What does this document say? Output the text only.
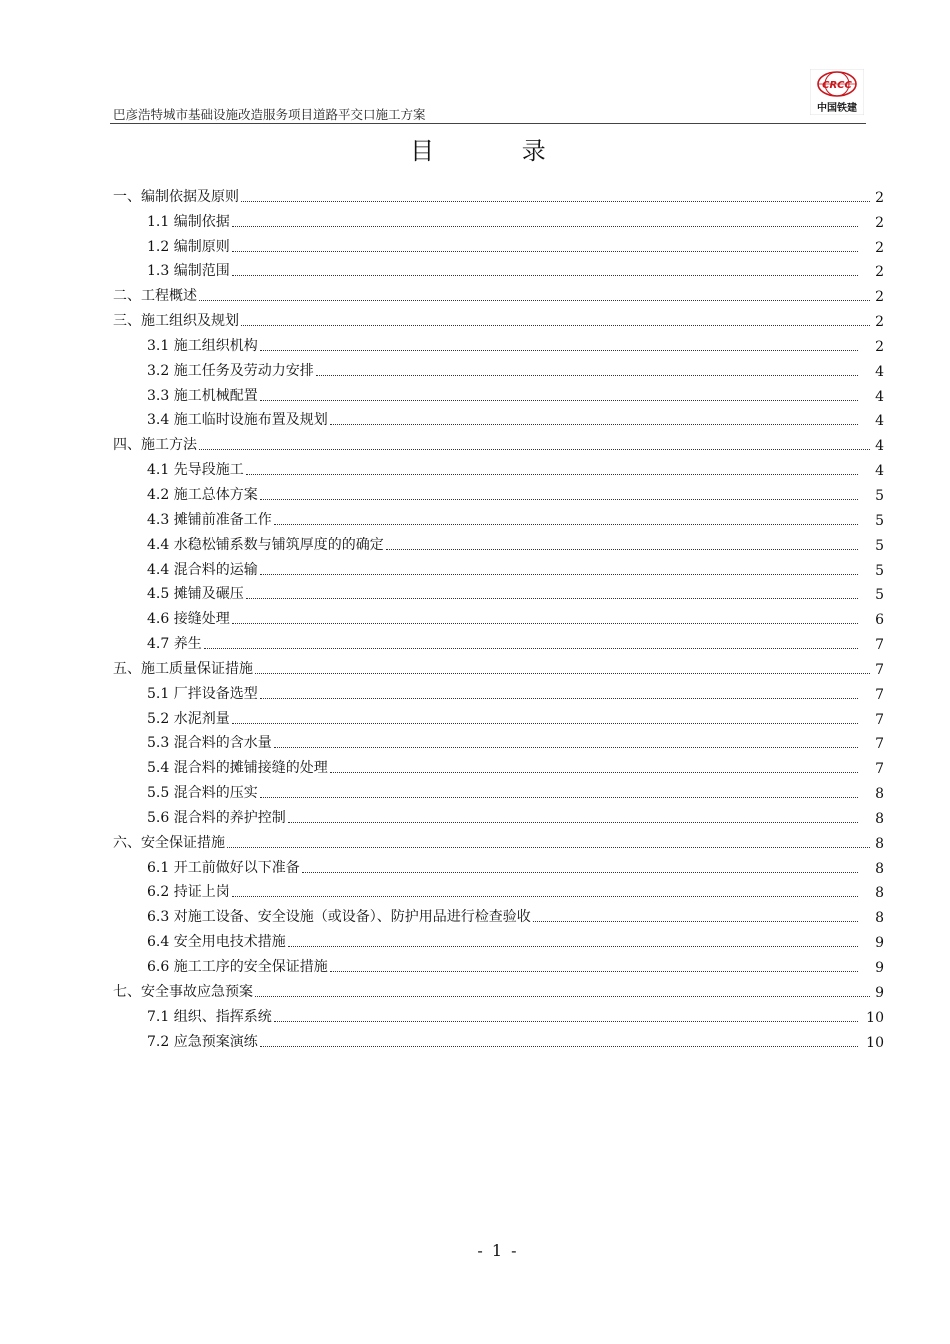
巴彦浩特城市基础设施改造服务项目道路平交口施工方案
CRCC
中国铁建
目 录
一、编制依据及原则	2
1.1 编制依据	2
1.2 编制原则	2
1.3 编制范围	2
二、工程概述	2
三、施工组织及规划	2
3.1 施工组织机构	2
3.2 施工任务及劳动力安排	4
3.3 施工机械配置	4
3.4 施工临时设施布置及规划	4
四、施工方法	4
4.1 先导段施工	4
4.2 施工总体方案	5
4.3 摊铺前准备工作	5
4.4 水稳松铺系数与铺筑厚度的的确定	5
4.4 混合料的运输	5
4.5 摊铺及碾压	5
4.6 接缝处理	6
4.7 养生	7
五、施工质量保证措施	7
5.1 厂拌设备选型	7
5.2 水泥剂量	7
5.3 混合料的含水量	7
5.4 混合料的摊铺接缝的处理	7
5.5 混合料的压实	8
5.6 混合料的养护控制	8
六、安全保证措施	8
6.1 开工前做好以下准备	8
6.2 持证上岗	8
6.3 对施工设备、安全设施（或设备）、防护用品进行检查验收	8
6.4 安全用电技术措施	9
6.6 施工工序的安全保证措施	9
七、安全事故应急预案	9
7.1 组织、指挥系统	10
7.2 应急预案演练	10
- 1 -
